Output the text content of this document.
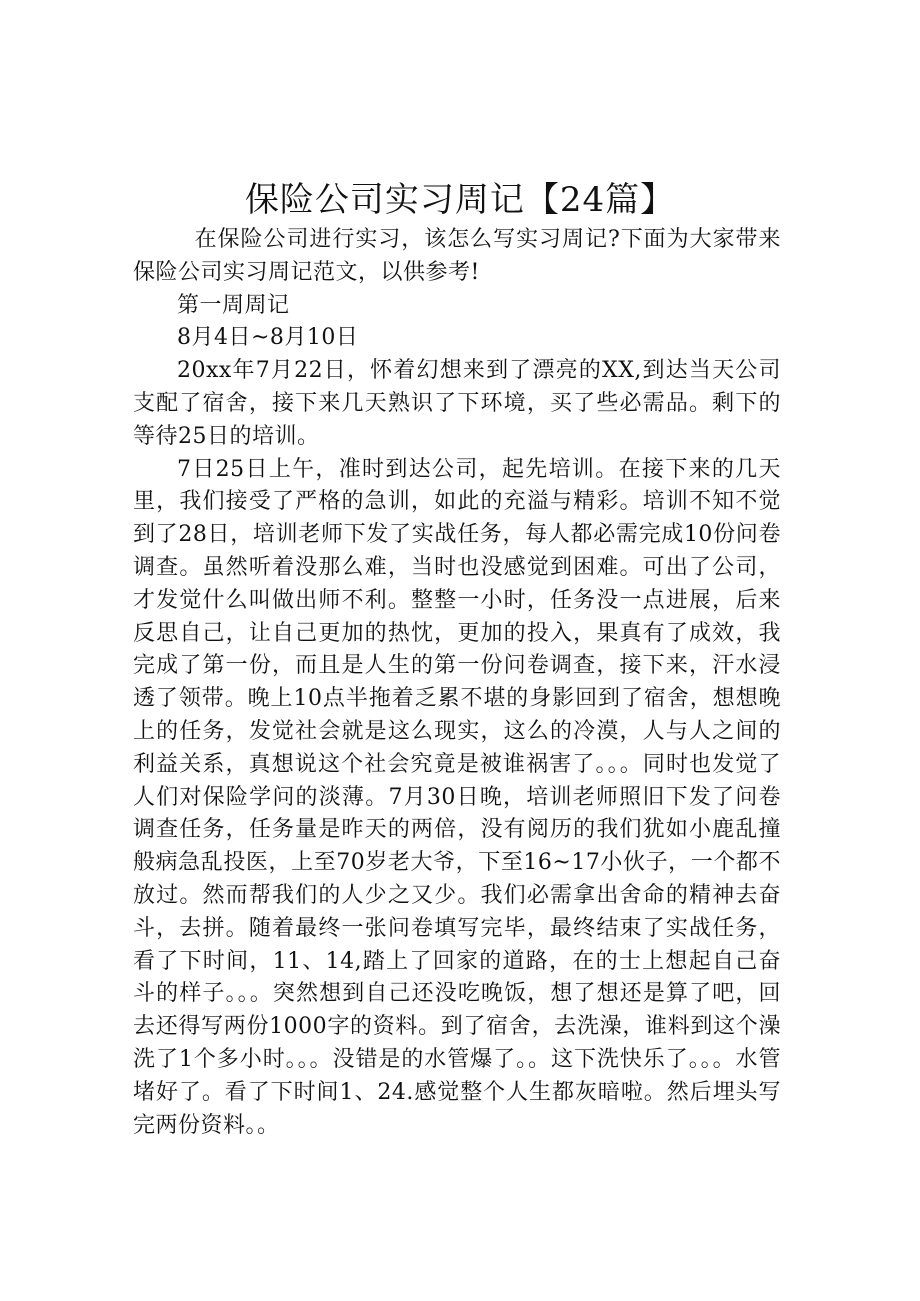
保险公司实习周记【24篇】

在保险公司进行实习，该怎么写实习周记?下面为大家带来保险公司实习周记范文，以供参考!

第一周周记

8月4日~8月10日

20xx年7月22日，怀着幻想来到了漂亮的XX,到达当天公司支配了宿舍，接下来几天熟识了下环境，买了些必需品。剩下的等待25日的培训。

7日25日上午，准时到达公司，起先培训。在接下来的几天里，我们接受了严格的急训，如此的充溢与精彩。培训不知不觉到了28日，培训老师下发了实战任务，每人都必需完成10份问卷调查。虽然听着没那么难，当时也没感觉到困难。可出了公司，才发觉什么叫做出师不利。整整一小时，任务没一点进展，后来反思自己，让自己更加的热忱，更加的投入，果真有了成效，我完成了第一份，而且是人生的第一份问卷调查，接下来，汗水浸透了领带。晚上10点半拖着乏累不堪的身影回到了宿舍，想想晚上的任务，发觉社会就是这么现实，这么的冷漠，人与人之间的利益关系，真想说这个社会究竟是被谁祸害了。。。同时也发觉了人们对保险学问的淡薄。7月30日晚，培训老师照旧下发了问卷调查任务，任务量是昨天的两倍，没有阅历的我们犹如小鹿乱撞般病急乱投医，上至70岁老大爷，下至16~17小伙子，一个都不放过。然而帮我们的人少之又少。我们必需拿出舍命的精神去奋斗，去拼。随着最终一张问卷填写完毕，最终结束了实战任务，看了下时间，11、14,踏上了回家的道路，在的士上想起自己奋斗的样子。。。突然想到自己还没吃晚饭，想了想还是算了吧，回去还得写两份1000字的资料。到了宿舍，去洗澡，谁料到这个澡洗了1个多小时。。。没错是的水管爆了。。这下洗快乐了。。。水管堵好了。看了下时间1、24.感觉整个人生都灰暗啦。然后埋头写完两份资料。。
